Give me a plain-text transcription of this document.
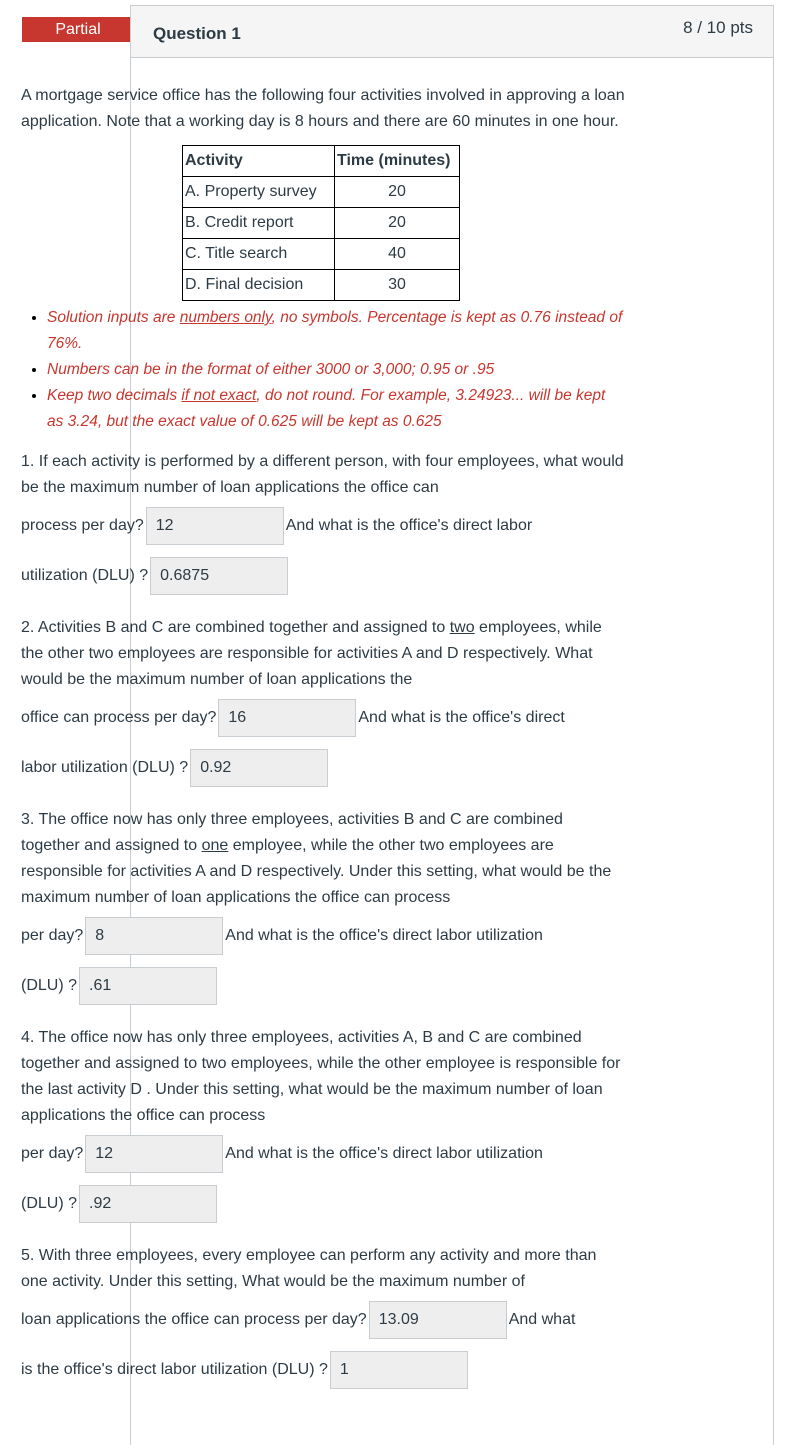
Partial	Question 1	8 / 10 pts

A mortgage service office has the following four activities involved in approving a loan application. Note that a working day is 8 hours and there are 60 minutes in one hour.

Activity	Time (minutes)
A. Property survey	20
B. Credit report	20
C. Title search	40
D. Final decision	30
• Solution inputs are numbers only, no symbols. Percentage is kept as 0.76 instead of 76%.
• Numbers can be in the format of either 3000 or 3,000; 0.95 or .95
• Keep two decimals if not exact, do not round. For example, 3.24923... will be kept as 3.24, but the exact value of 0.625 will be kept as 0.625

1. If each activity is performed by a different person, with four employees, what would be the maximum number of loan applications the office can

process per day? 12	And what is the office's direct labor
utilization (DLU) ? 0.6875

2. Activities B and C are combined together and assigned to two employees, while the other two employees are responsible for activities A and D respectively. What would be the maximum number of loan applications the

office can process per day? 16	And what is the office's direct
labor utilization (DLU) ? 0.92

3. The office now has only three employees, activities B and C are combined together and assigned to one employee, while the other two employees are responsible for activities A and D respectively. Under this setting, what would be the maximum number of loan applications the office can process

per day? 8	And what is the office's direct labor utilization
(DLU) ? .61

4. The office now has only three employees, activities A, B and C are combined together and assigned to two employees, while the other employee is responsible for the last activity D . Under this setting, what would be the maximum number of loan applications the office can process

per day? 12	And what is the office's direct labor utilization
(DLU) ? .92

5. With three employees, every employee can perform any activity and more than one activity. Under this setting, What would be the maximum number of

loan applications the office can process per day? 13.09	And what
is the office's direct labor utilization (DLU) ? 1
